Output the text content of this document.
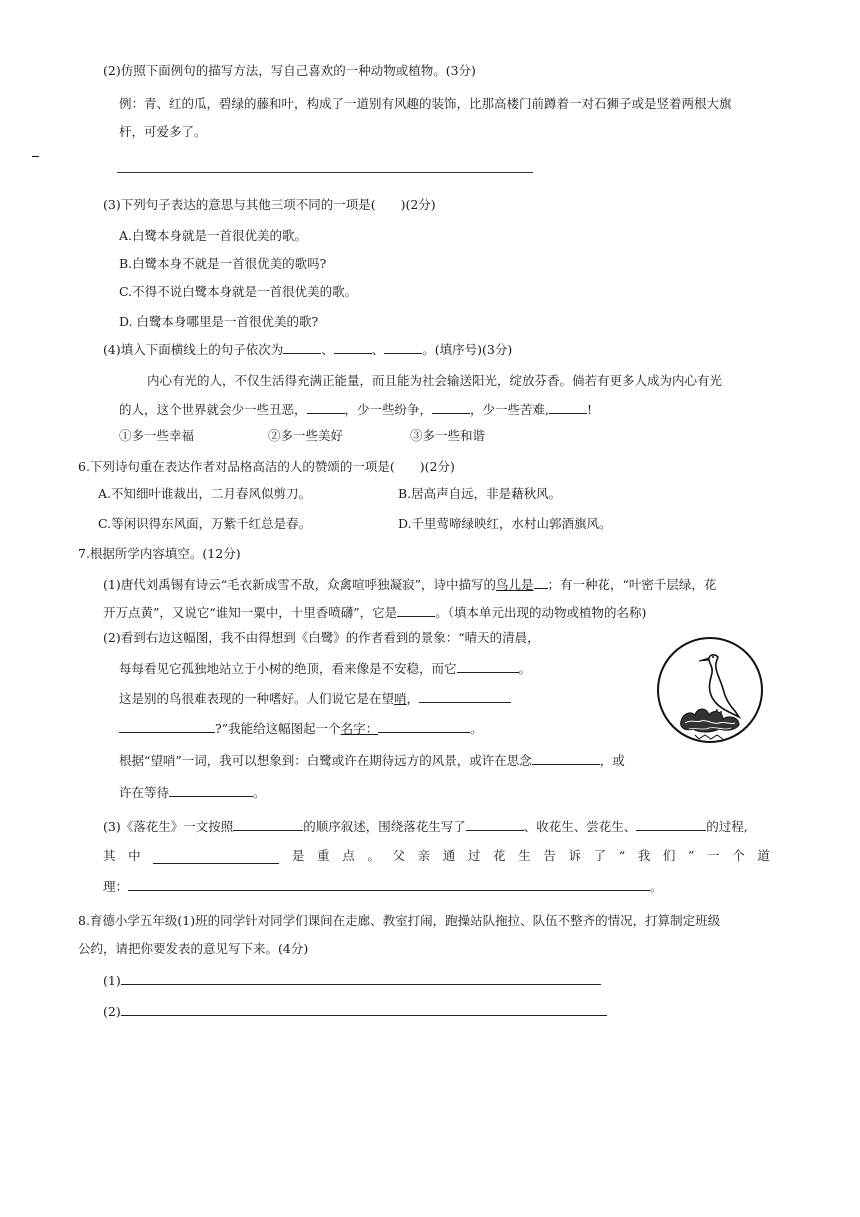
(2)仿照下面例句的描写方法，写自己喜欢的一种动物或植物。(3分)
例：青、红的瓜，碧绿的藤和叶，构成了一道别有风趣的装饰，比那高楼门前蹲着一对石狮子或是竖着两根大旗
杆，可爱多了。
(3)下列句子表达的意思与其他三项不同的一项是(　　)(2分)
A.白鹭本身就是一首很优美的歌。
B.白鹭本身不就是一首很优美的歌吗?
C.不得不说白鹭本身就是一首很优美的歌。
D. 白鹭本身哪里是一首很优美的歌?
(4)填入下面横线上的句子依次为	、	、	。(填序号)(3分)
内心有光的人，不仅生活得充满正能量，而且能为社会输送阳光，绽放芬香。倘若有更多人成为内心有光
的人，这个世界就会少一些丑恶，	，少一些纷争，	，少一些苦难,	!
①多一些幸福	②多一些美好	③多一些和谐
6.下列诗句重在表达作者对品格高洁的人的赞颂的一项是(　　)(2分)
A.不知细叶谁裁出，二月春风似剪刀。	B.居高声自远，非是藉秋风。
C.等闲识得东风面，万紫千红总是春。	D.千里莺啼绿映红，水村山郭酒旗风。
7.根据所学内容填空。(12分)
(1)唐代刘禹锡有诗云“毛衣新成雪不敌，众禽喧呼独凝寂”，诗中描写的鸟儿是 ；有一种花，“叶密千层绿，花
开万点黄”，又说它“谁知一粟中，十里香喷礴”，它是	。（填本单元出现的动物或植物的名称)
(2)看到右边这幅图，我不由得想到《白鹭》的作者看到的景象：“晴天的清晨，
每每看见它孤独地站立于小树的绝顶，看来像是不安稳，而它	。
这是别的鸟很难表现的一种嗜好。人们说它是在望哨，
?”我能给这幅图起一个名字：	。
根据“望哨”一词，我可以想象到：白鹭或许在期待远方的风景，或许在思念	，或
许在等待	。
(3)《落花生》一文按照	的顺序叙述，围绕落花生写了	、收花生、尝花生、	的过程,
其 中	是 重 点 。 父 亲 通 过 花 生 告 诉 了 “ 我 们 ” 一 个 道
理：	。
8.育德小学五年级(1)班的同学针对同学们课间在走廊、教室打闹，跑操站队拖拉、队伍不整齐的情况，打算制定班级
公约，请把你要发表的意见写下来。(4分)
(1)
(2)
